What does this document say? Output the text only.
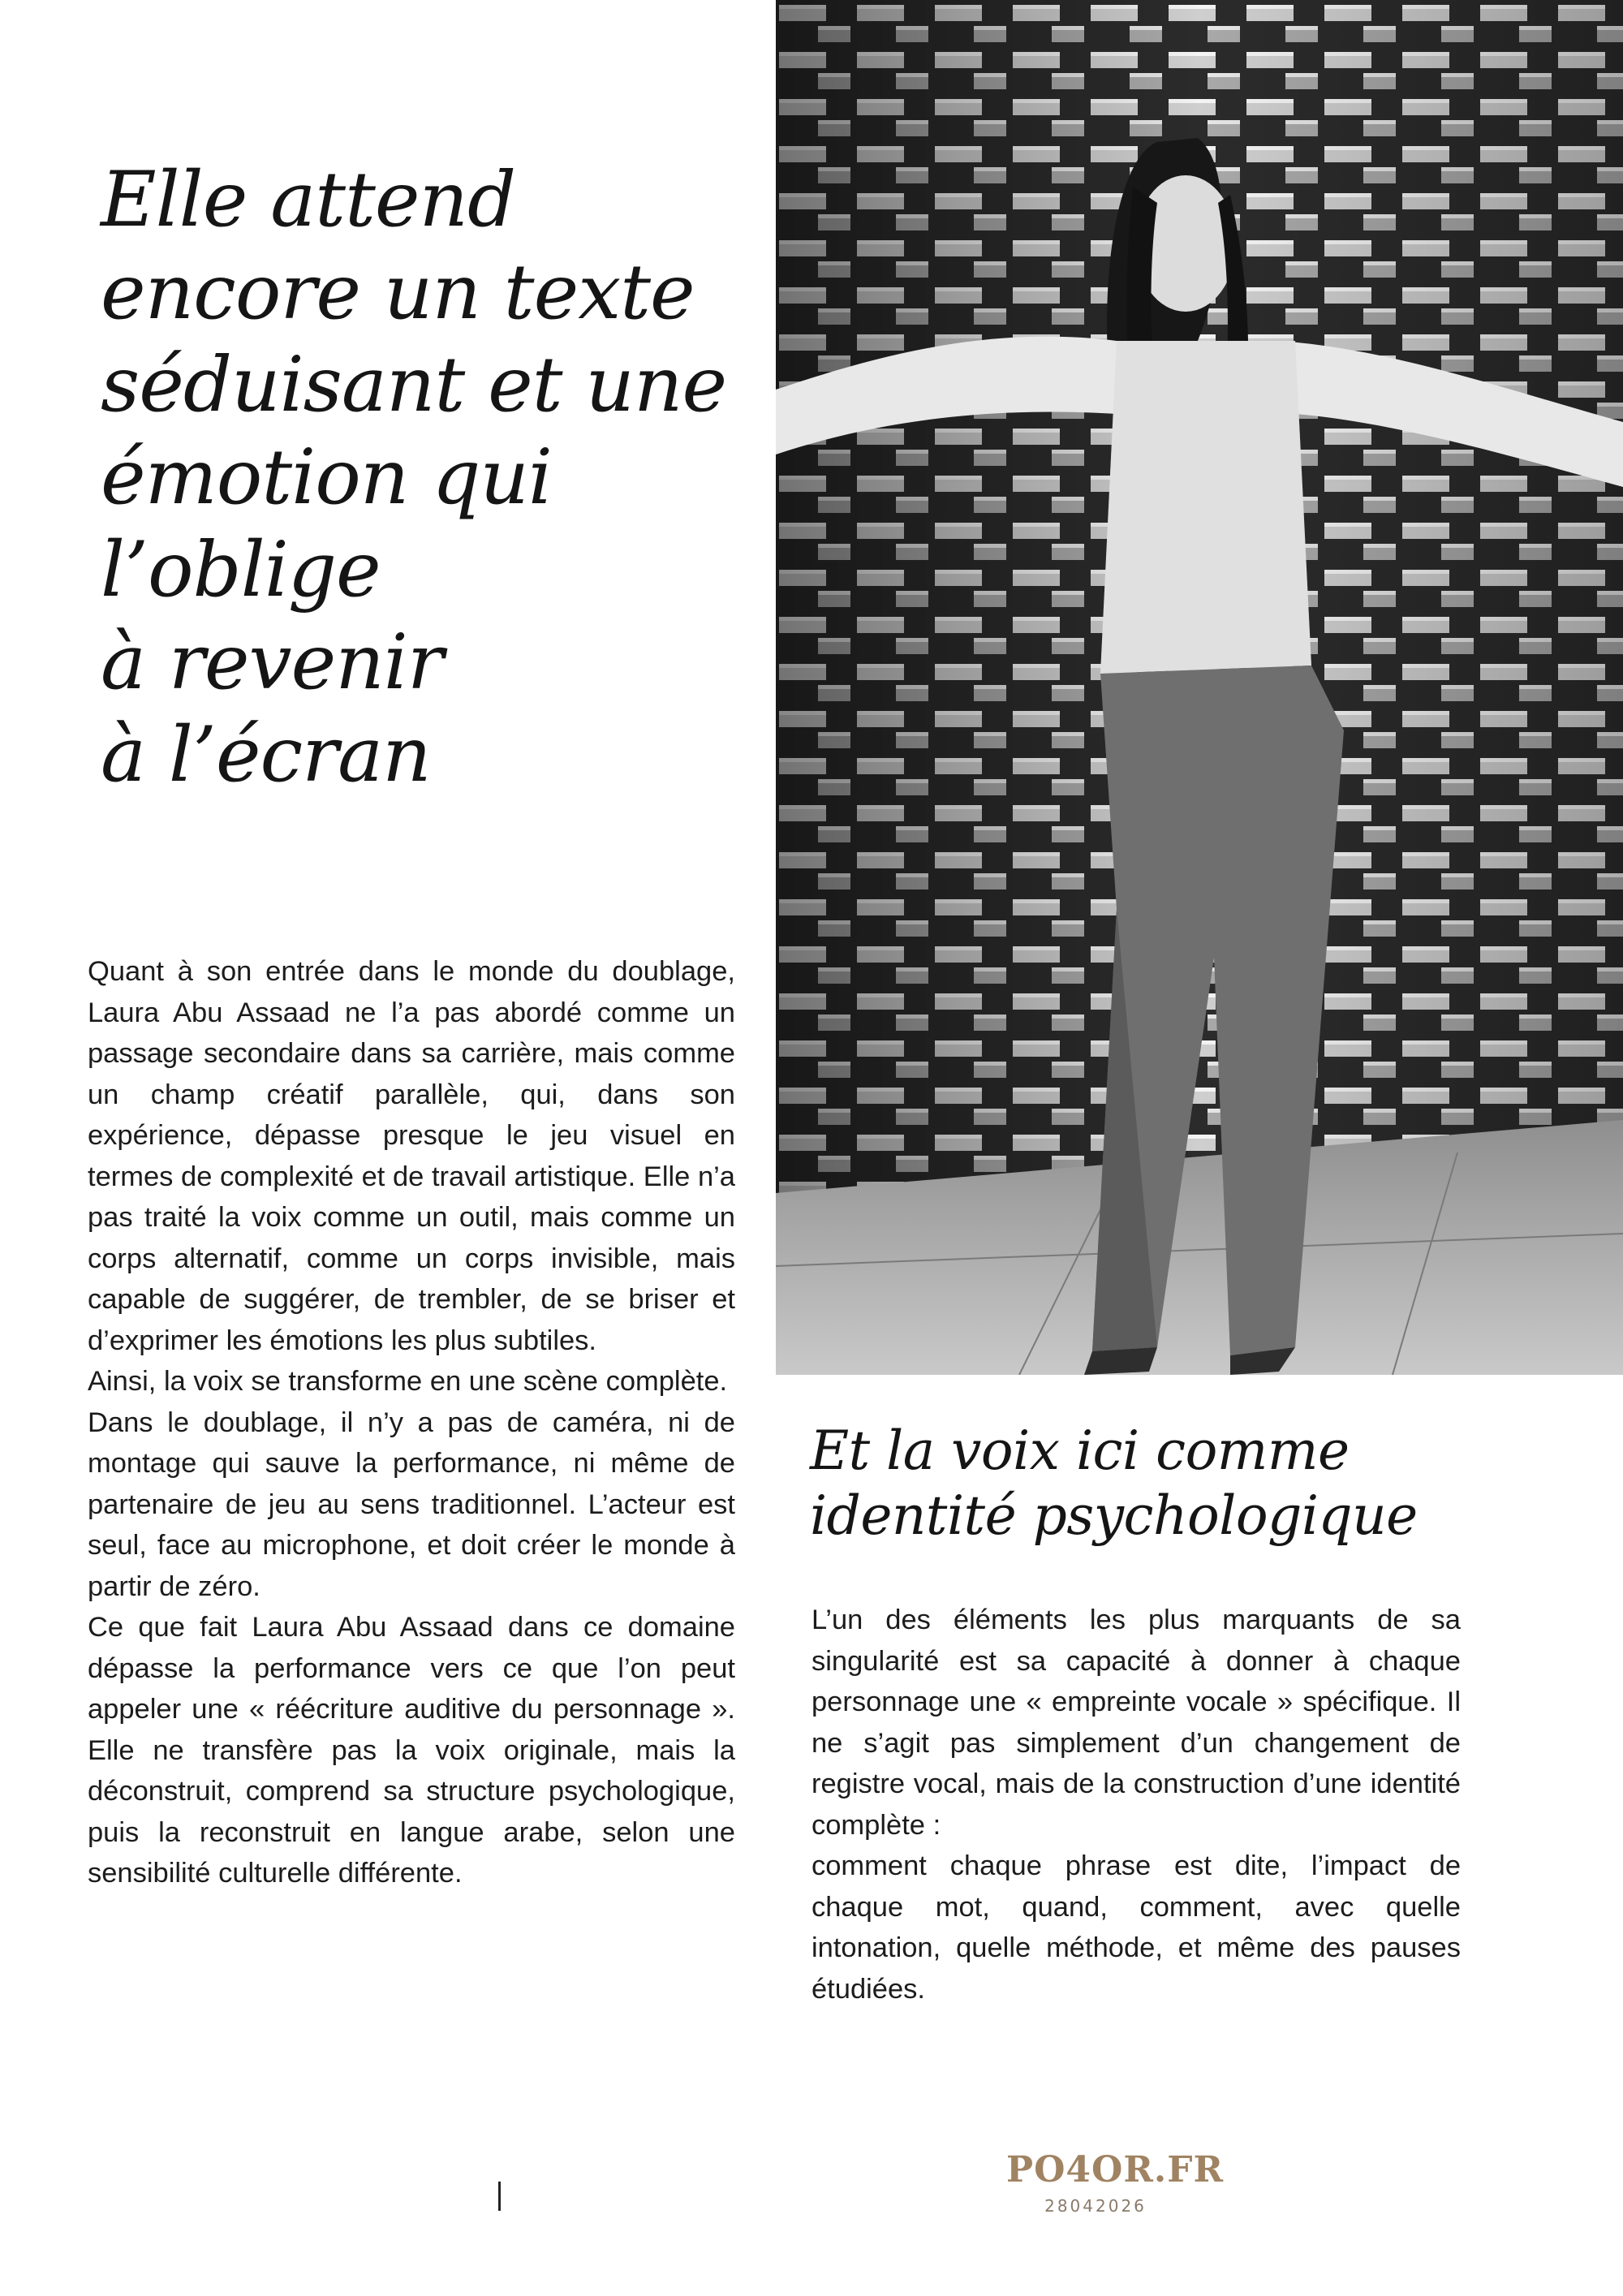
Elle attend
encore un texte
séduisant et une
émotion qui
l’oblige
à revenir
à l’écran

Quant à son entrée dans le monde du doublage, Laura Abu Assaad ne l’a pas abordé comme un passage secondaire dans sa carrière, mais comme un champ créatif parallèle, qui, dans son expérience, dépasse presque le jeu visuel en termes de complexité et de travail artistique. Elle n’a pas traité la voix comme un outil, mais comme un corps alternatif, comme un corps invisible, mais capable de suggérer, de trembler, de se briser et d’exprimer les émotions les plus subtiles.

Ainsi, la voix se transforme en une scène complète.

Dans le doublage, il n’y a pas de caméra, ni de montage qui sauve la performance, ni même de partenaire de jeu au sens traditionnel. L’acteur est seul, face au microphone, et doit créer le monde à partir de zéro.

Ce que fait Laura Abu Assaad dans ce domaine dépasse la performance vers ce que l’on peut appeler une « réécriture auditive du personnage ». Elle ne transfère pas la voix originale, mais la déconstruit, comprend sa structure psychologique, puis la reconstruit en langue arabe, selon une sensibilité culturelle différente.

Et la voix ici comme
identité psychologique

L’un des éléments les plus marquants de sa singularité est sa capacité à donner à chaque personnage une « empreinte vocale » spécifique. Il ne s’agit pas simplement d’un changement de registre vocal, mais de la construction d’une identité complète :

comment chaque phrase est dite, l’impact de chaque mot, quand, comment, avec quelle intonation, quelle méthode, et même des pauses étudiées.

PO4OR.FR
28042026
